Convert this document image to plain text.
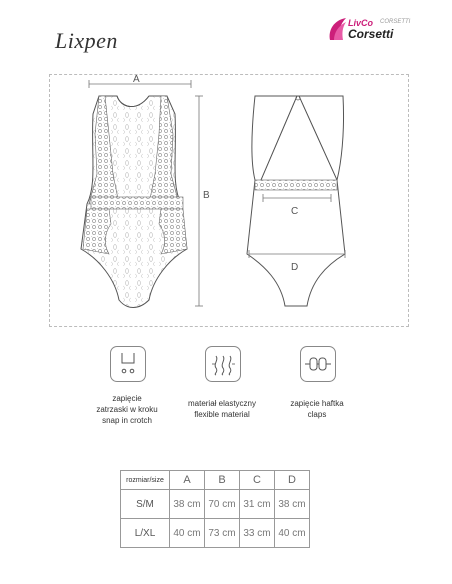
Lixpen
LivCo CORSETTI
Corsetti
A
B
C
D
zapięcie
zatrzaski w kroku
snap in crotch
materiał elastyczny
flexible material
zapięcie haftka
claps
rozmiar/size	A	B	C	D
S/M	38 cm	70 cm	31 cm	38 cm
L/XL	40 cm	73 cm	33 cm	40 cm
